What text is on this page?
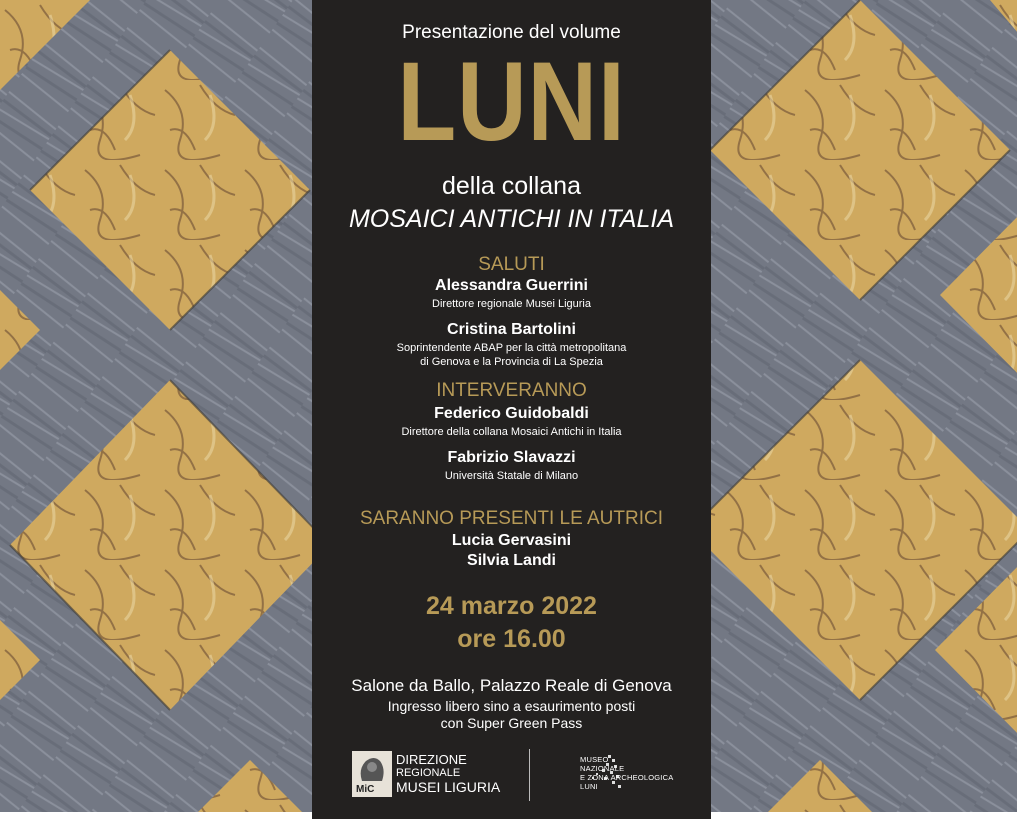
Presentazione del volume
LUNI
della collana
MOSAICI ANTICHI IN ITALIA
SALUTI
Alessandra Guerrini
Direttore regionale Musei Liguria
Cristina Bartolini
Soprintendente ABAP per la città metropolitana
di Genova e la Provincia di La Spezia
INTERVERANNO
Federico Guidobaldi
Direttore della collana Mosaici Antichi in Italia
Fabrizio Slavazzi
Università Statale di Milano
SARANNO PRESENTI LE AUTRICI
Lucia Gervasini
Silvia Landi
24 marzo 2022
ore 16.00
Salone da Ballo, Palazzo Reale di Genova
Ingresso libero sino a esaurimento posti
con Super Green Pass
MiC
DIREZIONE
REGIONALE
MUSEI LIGURIA
MUSEO
NAZIONALE
E ZONA ARCHEOLOGICA
LUNI
